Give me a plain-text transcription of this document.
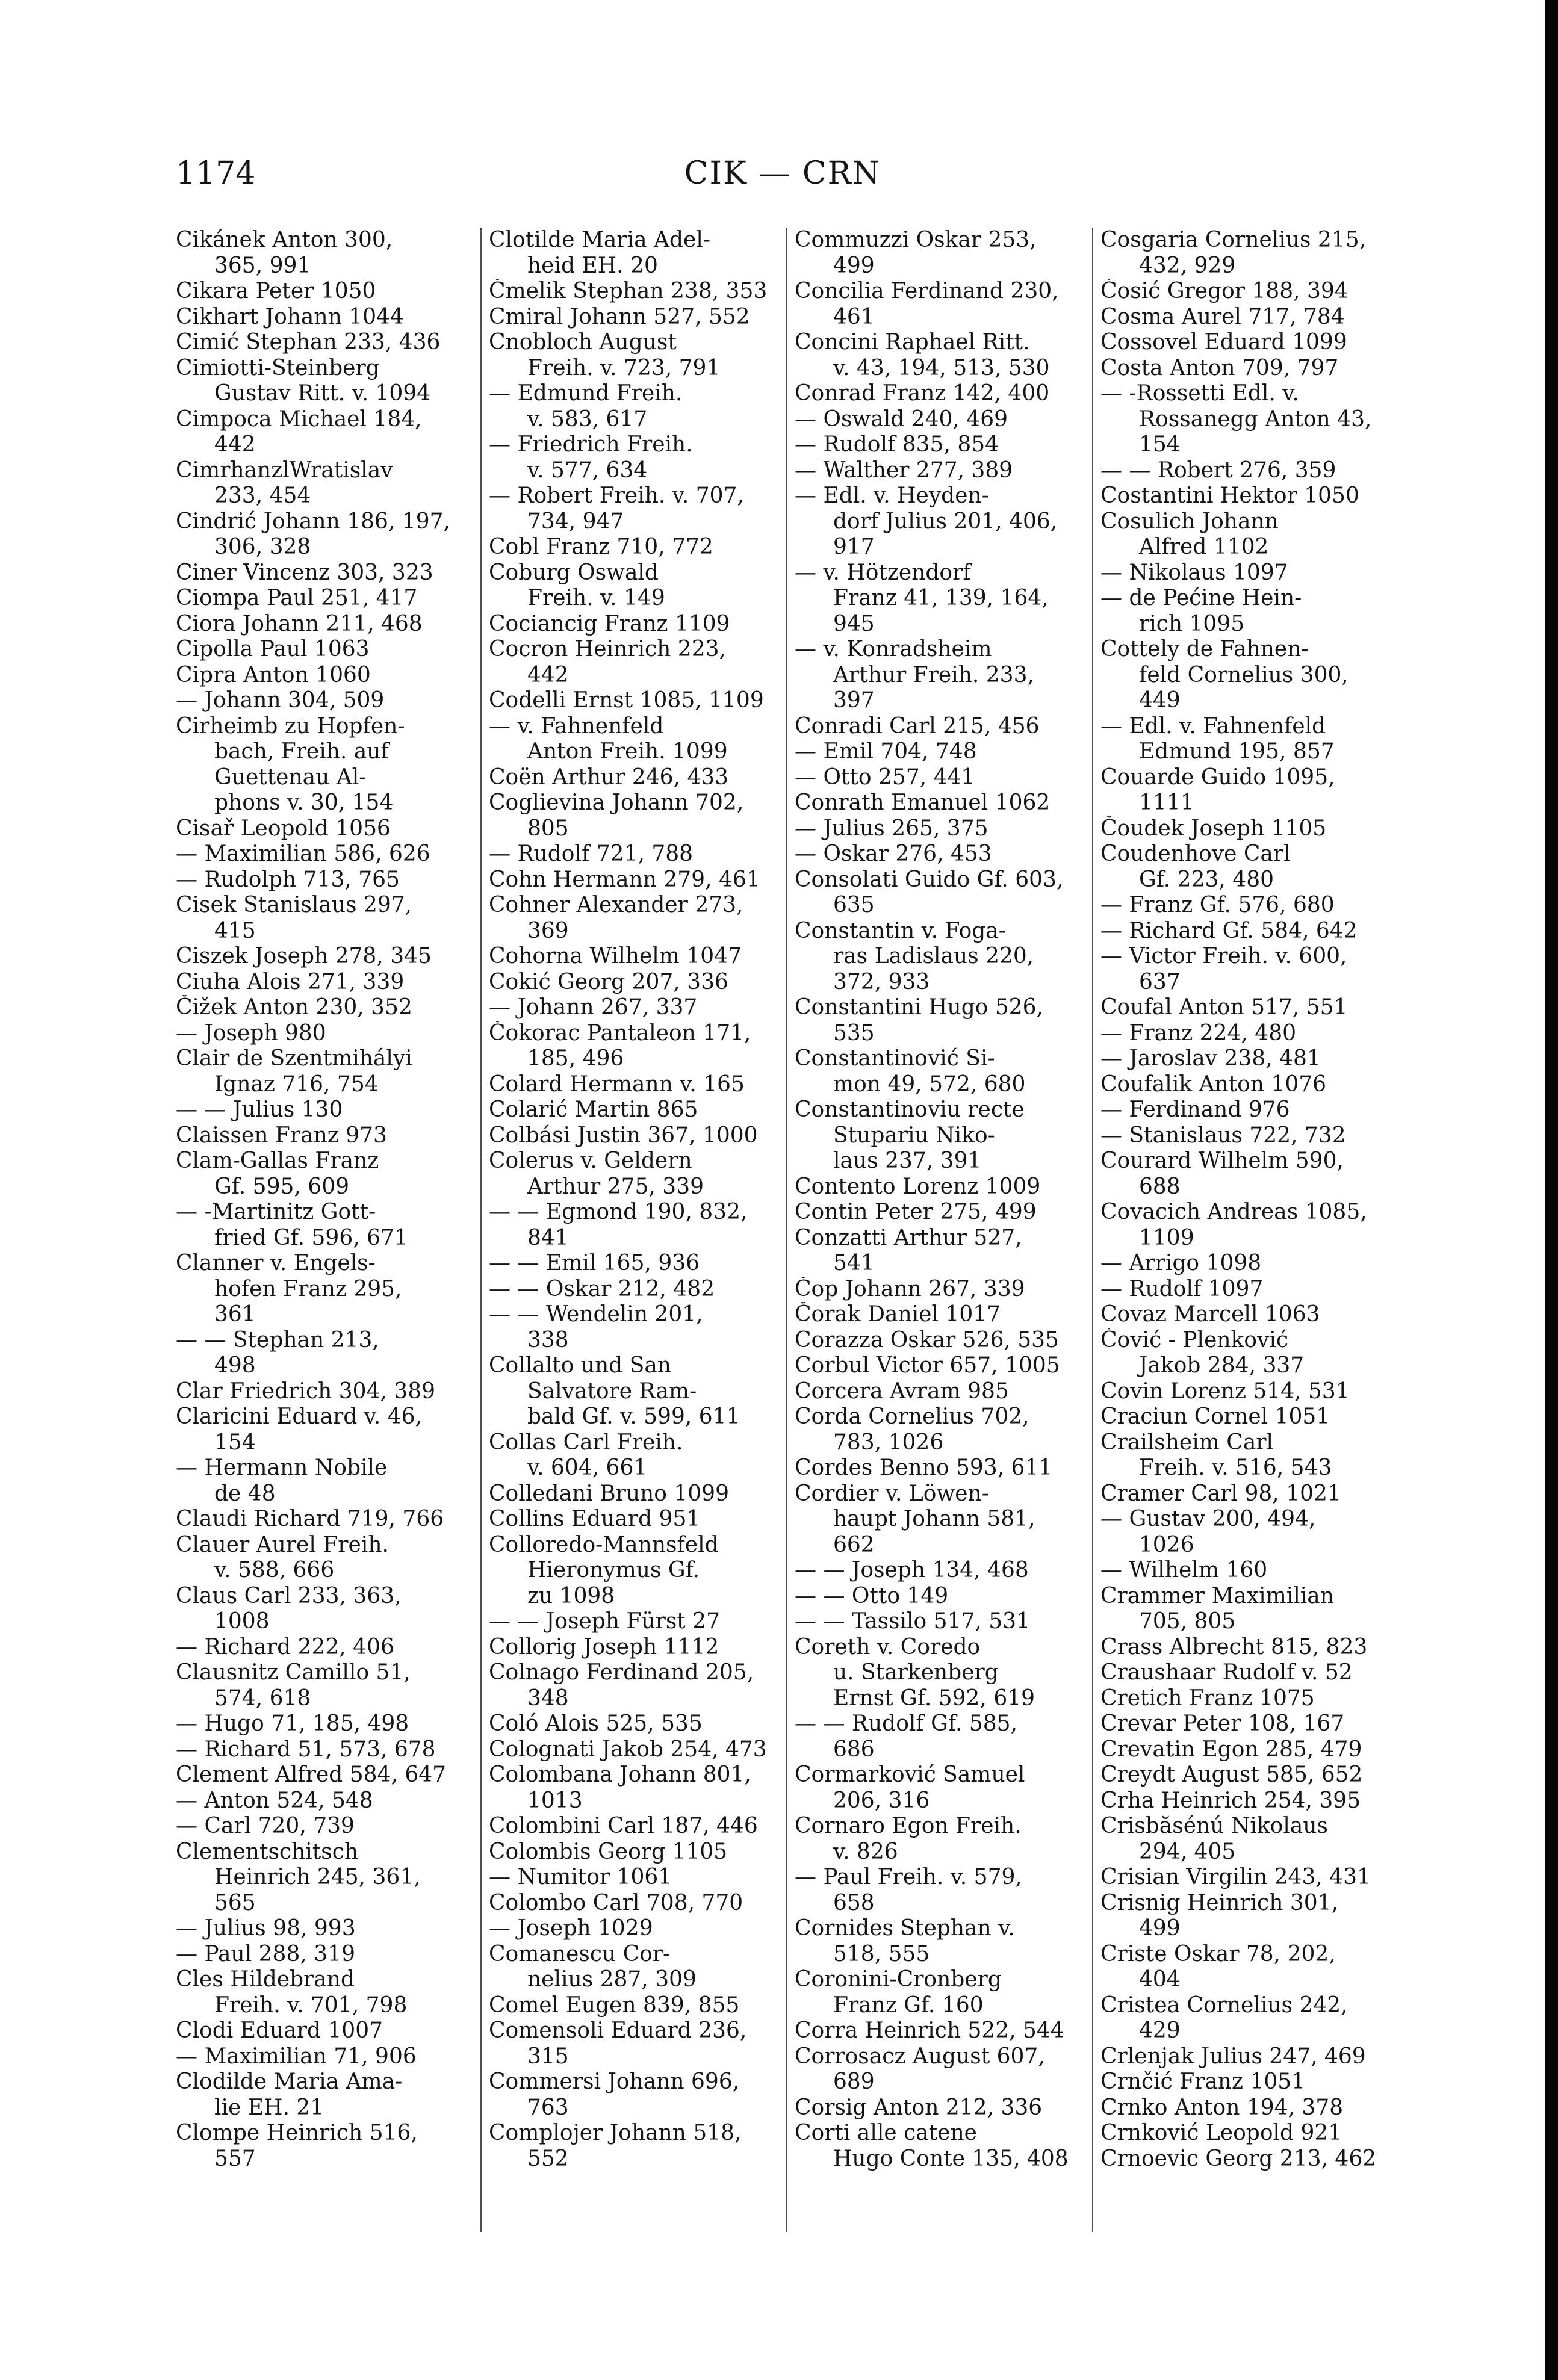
1174	CIK — CRN
Cikánek Anton 300,
365, 991
Cikara Peter 1050
Cikhart Johann 1044
Cimić Stephan 233, 436
Cimiotti-Steinberg
Gustav Ritt. v. 1094
Cimpoca Michael 184,
442
CimrhanzlWratislav
233, 454
Cindrić Johann 186, 197,
306, 328
Ciner Vincenz 303, 323
Ciompa Paul 251, 417
Ciora Johann 211, 468
Cipolla Paul 1063
Cipra Anton 1060
— Johann 304, 509
Cirheimb zu Hopfen-
bach, Freih. auf
Guettenau Al-
phons v. 30, 154
Cisař Leopold 1056
— Maximilian 586, 626
— Rudolph 713, 765
Cisek Stanislaus 297,
415
Ciszek Joseph 278, 345
Ciuha Alois 271, 339
Čižek Anton 230, 352
— Joseph 980
Clair de Szentmihályi
Ignaz 716, 754
— — Julius 130
Claissen Franz 973
Clam-Gallas Franz
Gf. 595, 609
— -Martinitz Gott-
fried Gf. 596, 671
Clanner v. Engels-
hofen Franz 295,
361
— — Stephan 213,
498
Clar Friedrich 304, 389
Claricini Eduard v. 46,
154
— Hermann Nobile
de 48
Claudi Richard 719, 766
Clauer Aurel Freih.
v. 588, 666
Claus Carl 233, 363,
1008
— Richard 222, 406
Clausnitz Camillo 51,
574, 618
— Hugo 71, 185, 498
— Richard 51, 573, 678
Clement Alfred 584, 647
— Anton 524, 548
— Carl 720, 739
Clementschitsch
Heinrich 245, 361,
565
— Julius 98, 993
— Paul 288, 319
Cles Hildebrand
Freih. v. 701, 798
Clodi Eduard 1007
— Maximilian 71, 906
Clodilde Maria Ama-
lie EH. 21
Clompe Heinrich 516,
557
Clotilde Maria Adel-
heid EH. 20
Čmelik Stephan 238, 353
Cmiral Johann 527, 552
Cnobloch August
Freih. v. 723, 791
— Edmund Freih.
v. 583, 617
— Friedrich Freih.
v. 577, 634
— Robert Freih. v. 707,
734, 947
Cobl Franz 710, 772
Coburg Oswald
Freih. v. 149
Cociancig Franz 1109
Cocron Heinrich 223,
442
Codelli Ernst 1085, 1109
— v. Fahnenfeld
Anton Freih. 1099
Coën Arthur 246, 433
Coglievina Johann 702,
805
— Rudolf 721, 788
Cohn Hermann 279, 461
Cohner Alexander 273,
369
Cohorna Wilhelm 1047
Cokić Georg 207, 336
— Johann 267, 337
Čokorac Pantaleon 171,
185, 496
Colard Hermann v. 165
Colarić Martin 865
Colbási Justin 367, 1000
Colerus v. Geldern
Arthur 275, 339
— — Egmond 190, 832,
841
— — Emil 165, 936
— — Oskar 212, 482
— — Wendelin 201,
338
Collalto und San
Salvatore Ram-
bald Gf. v. 599, 611
Collas Carl Freih.
v. 604, 661
Colledani Bruno 1099
Collins Eduard 951
Colloredo-Mannsfeld
Hieronymus Gf.
zu 1098
— — Joseph Fürst 27
Collorig Joseph 1112
Colnago Ferdinand 205,
348
Coló Alois 525, 535
Colognati Jakob 254, 473
Colombana Johann 801,
1013
Colombini Carl 187, 446
Colombis Georg 1105
— Numitor 1061
Colombo Carl 708, 770
— Joseph 1029
Comanescu Cor-
nelius 287, 309
Comel Eugen 839, 855
Comensoli Eduard 236,
315
Commersi Johann 696,
763
Complojer Johann 518,
552
Commuzzi Oskar 253,
499
Concilia Ferdinand 230,
461
Concini Raphael Ritt.
v. 43, 194, 513, 530
Conrad Franz 142, 400
— Oswald 240, 469
— Rudolf 835, 854
— Walther 277, 389
— Edl. v. Heyden-
dorf Julius 201, 406,
917
— v. Hötzendorf
Franz 41, 139, 164,
945
— v. Konradsheim
Arthur Freih. 233,
397
Conradi Carl 215, 456
— Emil 704, 748
— Otto 257, 441
Conrath Emanuel 1062
— Julius 265, 375
— Oskar 276, 453
Consolati Guido Gf. 603,
635
Constantin v. Foga-
ras Ladislaus 220,
372, 933
Constantini Hugo 526,
535
Constantinović Si-
mon 49, 572, 680
Constantinoviu recte
Stupariu Niko-
laus 237, 391
Contento Lorenz 1009
Contin Peter 275, 499
Conzatti Arthur 527,
541
Čop Johann 267, 339
Čorak Daniel 1017
Corazza Oskar 526, 535
Corbul Victor 657, 1005
Corcera Avram 985
Corda Cornelius 702,
783, 1026
Cordes Benno 593, 611
Cordier v. Löwen-
haupt Johann 581,
662
— — Joseph 134, 468
— — Otto 149
— — Tassilo 517, 531
Coreth v. Coredo
u. Starkenberg
Ernst Gf. 592, 619
— — Rudolf Gf. 585,
686
Cormarković Samuel
206, 316
Cornaro Egon Freih.
v. 826
— Paul Freih. v. 579,
658
Cornides Stephan v.
518, 555
Coronini-Cronberg
Franz Gf. 160
Corra Heinrich 522, 544
Corrosacz August 607,
689
Corsig Anton 212, 336
Corti alle catene
Hugo Conte 135, 408
Cosgaria Cornelius 215,
432, 929
Ćosić Gregor 188, 394
Cosma Aurel 717, 784
Cossovel Eduard 1099
Costa Anton 709, 797
— -Rossetti Edl. v.
Rossanegg Anton 43,
154
— — Robert 276, 359
Costantini Hektor 1050
Cosulich Johann
Alfred 1102
— Nikolaus 1097
— de Pećine Hein-
rich 1095
Cottely de Fahnen-
feld Cornelius 300,
449
— Edl. v. Fahnenfeld
Edmund 195, 857
Couarde Guido 1095,
1111
Čoudek Joseph 1105
Coudenhove Carl
Gf. 223, 480
— Franz Gf. 576, 680
— Richard Gf. 584, 642
— Victor Freih. v. 600,
637
Coufal Anton 517, 551
— Franz 224, 480
— Jaroslav 238, 481
Coufalik Anton 1076
— Ferdinand 976
— Stanislaus 722, 732
Courard Wilhelm 590,
688
Covacich Andreas 1085,
1109
— Arrigo 1098
— Rudolf 1097
Covaz Marcell 1063
Ćović - Plenković
Jakob 284, 337
Covin Lorenz 514, 531
Craciun Cornel 1051
Crailsheim Carl
Freih. v. 516, 543
Cramer Carl 98, 1021
— Gustav 200, 494,
1026
— Wilhelm 160
Crammer Maximilian
705, 805
Crass Albrecht 815, 823
Craushaar Rudolf v. 52
Cretich Franz 1075
Crevar Peter 108, 167
Crevatin Egon 285, 479
Creydt August 585, 652
Crha Heinrich 254, 395
Crisbăsénú Nikolaus
294, 405
Crisian Virgilin 243, 431
Crisnig Heinrich 301,
499
Criste Oskar 78, 202,
404
Cristea Cornelius 242,
429
Crlenjak Julius 247, 469
Crnčić Franz 1051
Crnko Anton 194, 378
Crnković Leopold 921
Crnoevic Georg 213, 462
